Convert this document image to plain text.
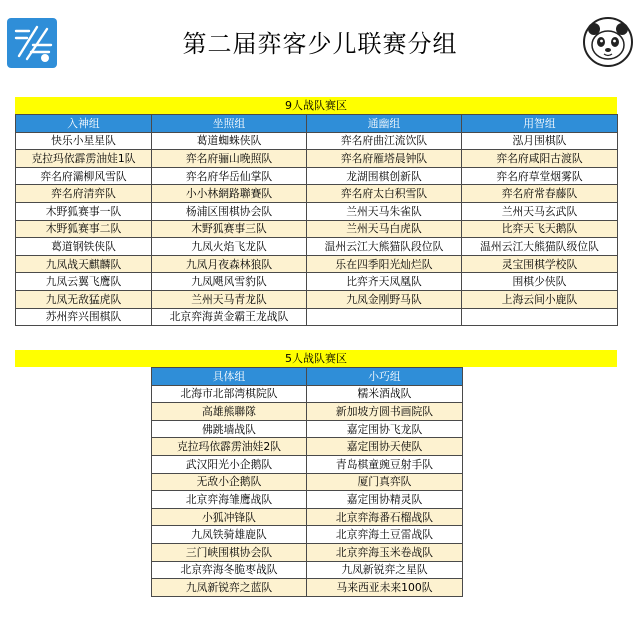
第二届弈客少儿联赛分组
9人战队赛区
入神组	坐照组	通幽组	用智组
快乐小星星队	葛道蜘蛛侠队	弈名府曲江流饮队	泓月围棋队
克拉玛依霹雳油娃1队	弈名府骊山晚照队	弈名府雁塔晨钟队	弈名府咸阳古渡队
弈名府灞柳风雪队	弈名府华岳仙掌队	龙湖围棋创新队	弈名府草堂烟雾队
弈名府清弈队	小小林網路聯賽队	弈名府太白积雪队	弈名府常春藤队
木野狐赛事一队	杨浦区围棋协会队	兰州天马朱雀队	兰州天马玄武队
木野狐赛事二队	木野狐赛事三队	兰州天马白虎队	比弈天飞天鹅队
葛道钢铁侠队	九凤火焰飞龙队	温州云江大熊猫队段位队	温州云江大熊猫队级位队
九凤战天麒麟队	九凤月夜森林狼队	乐在四季阳光灿烂队	灵宝围棋学校队
九凤云翼飞鹰队	九凤飓风雪豹队	比弈齐天凤凰队	围棋少侠队
九凤无敌猛虎队	兰州天马青龙队	九凤金刚野马队	上海云间小鹿队
苏州弈兴围棋队	北京弈海黄金霸王龙战队		
5人战队赛区
具体组	小巧组
北海市北部湾棋院队	糯米酒战队
高雄熊聯隊	新加坡方圆书画院队
佛跳墙战队	嘉定围协飞龙队
克拉玛依霹雳油娃2队	嘉定围协天使队
武汉阳光小企鹅队	青岛棋童豌豆射手队
无敌小企鹅队	厦门真弈队
北京弈海雏鹰战队	嘉定围协精灵队
小狐冲锋队	北京弈海番石榴战队
九凤铁骑雄鹿队	北京弈海土豆雷战队
三门峡围棋协会队	北京弈海玉米卷战队
北京弈海冬脆枣战队	九凤新锐弈之星队
九凤新锐弈之蓝队	马来西亚未来100队
